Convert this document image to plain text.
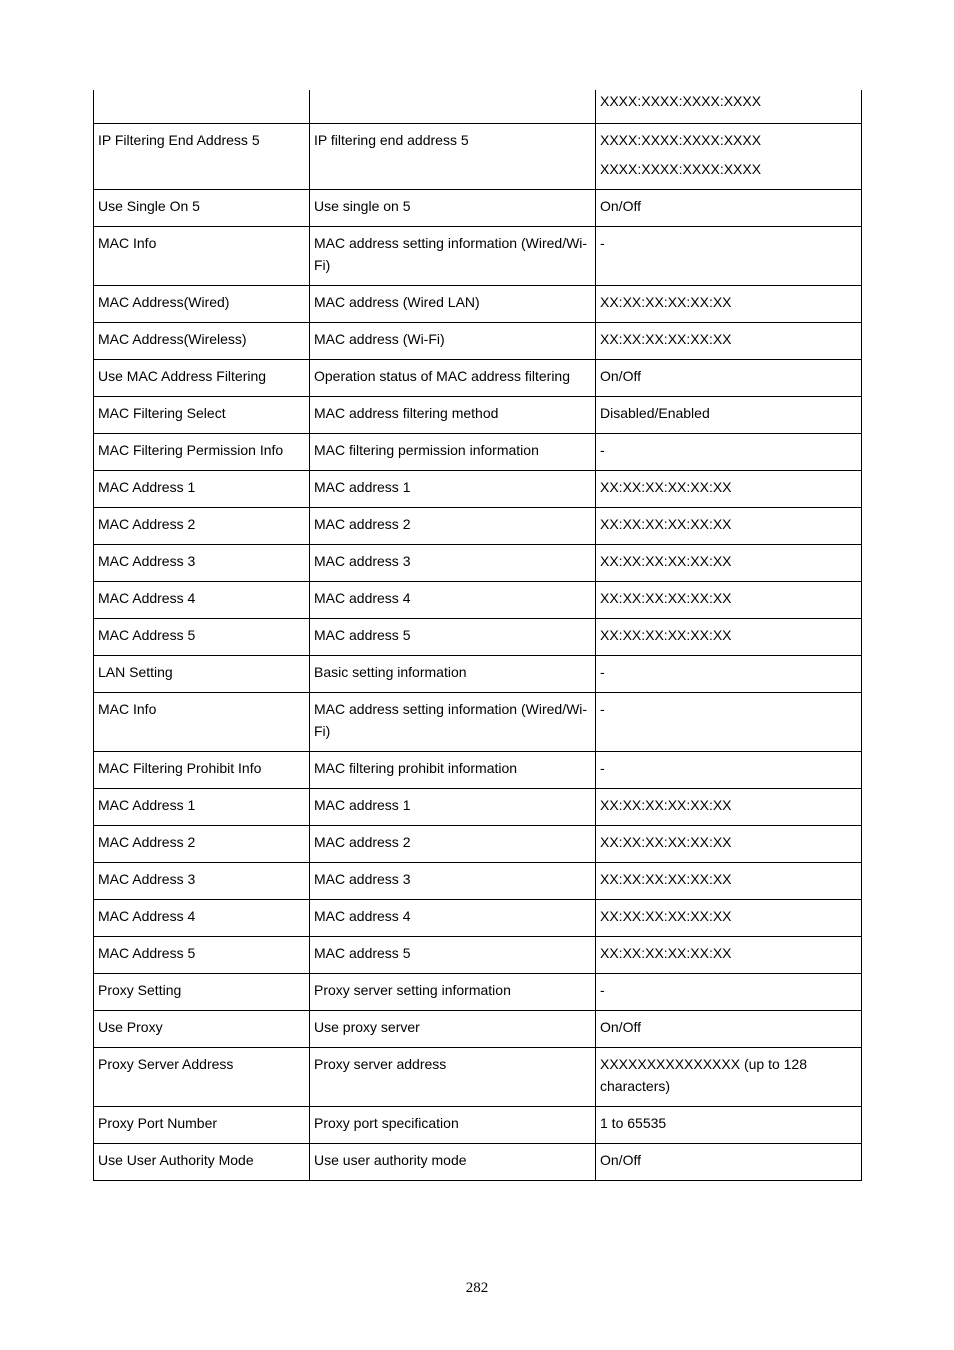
		XXXX:XXXX:XXXX:XXXX
IP Filtering End Address 5	IP filtering end address 5	XXXX:XXXX:XXXX:XXXX
XXXX:XXXX:XXXX:XXXX

Use Single On 5	Use single on 5	On/Off

MAC Info	MAC address setting information (Wired/Wi-Fi)	-

MAC Address(Wired)	MAC address (Wired LAN)	XX:XX:XX:XX:XX:XX

MAC Address(Wireless)	MAC address (Wi-Fi)	XX:XX:XX:XX:XX:XX

Use MAC Address Filtering	Operation status of MAC address filtering	On/Off

MAC Filtering Select	MAC address filtering method	Disabled/Enabled

MAC Filtering Permission Info	MAC filtering permission information	-

MAC Address 1	MAC address 1	XX:XX:XX:XX:XX:XX

MAC Address 2	MAC address 2	XX:XX:XX:XX:XX:XX

MAC Address 3	MAC address 3	XX:XX:XX:XX:XX:XX

MAC Address 4	MAC address 4	XX:XX:XX:XX:XX:XX

MAC Address 5	MAC address 5	XX:XX:XX:XX:XX:XX

LAN Setting	Basic setting information	-

MAC Info	MAC address setting information (Wired/Wi-Fi)	-

MAC Filtering Prohibit Info	MAC filtering prohibit information	-

MAC Address 1	MAC address 1	XX:XX:XX:XX:XX:XX

MAC Address 2	MAC address 2	XX:XX:XX:XX:XX:XX

MAC Address 3	MAC address 3	XX:XX:XX:XX:XX:XX

MAC Address 4	MAC address 4	XX:XX:XX:XX:XX:XX

MAC Address 5	MAC address 5	XX:XX:XX:XX:XX:XX

Proxy Setting	Proxy server setting information	-

Use Proxy	Use proxy server	On/Off

Proxy Server Address	Proxy server address	XXXXXXXXXXXXXXX (up to 128 characters)

Proxy Port Number	Proxy port specification	1 to 65535

Use User Authority Mode	Use user authority mode	On/Off
282
